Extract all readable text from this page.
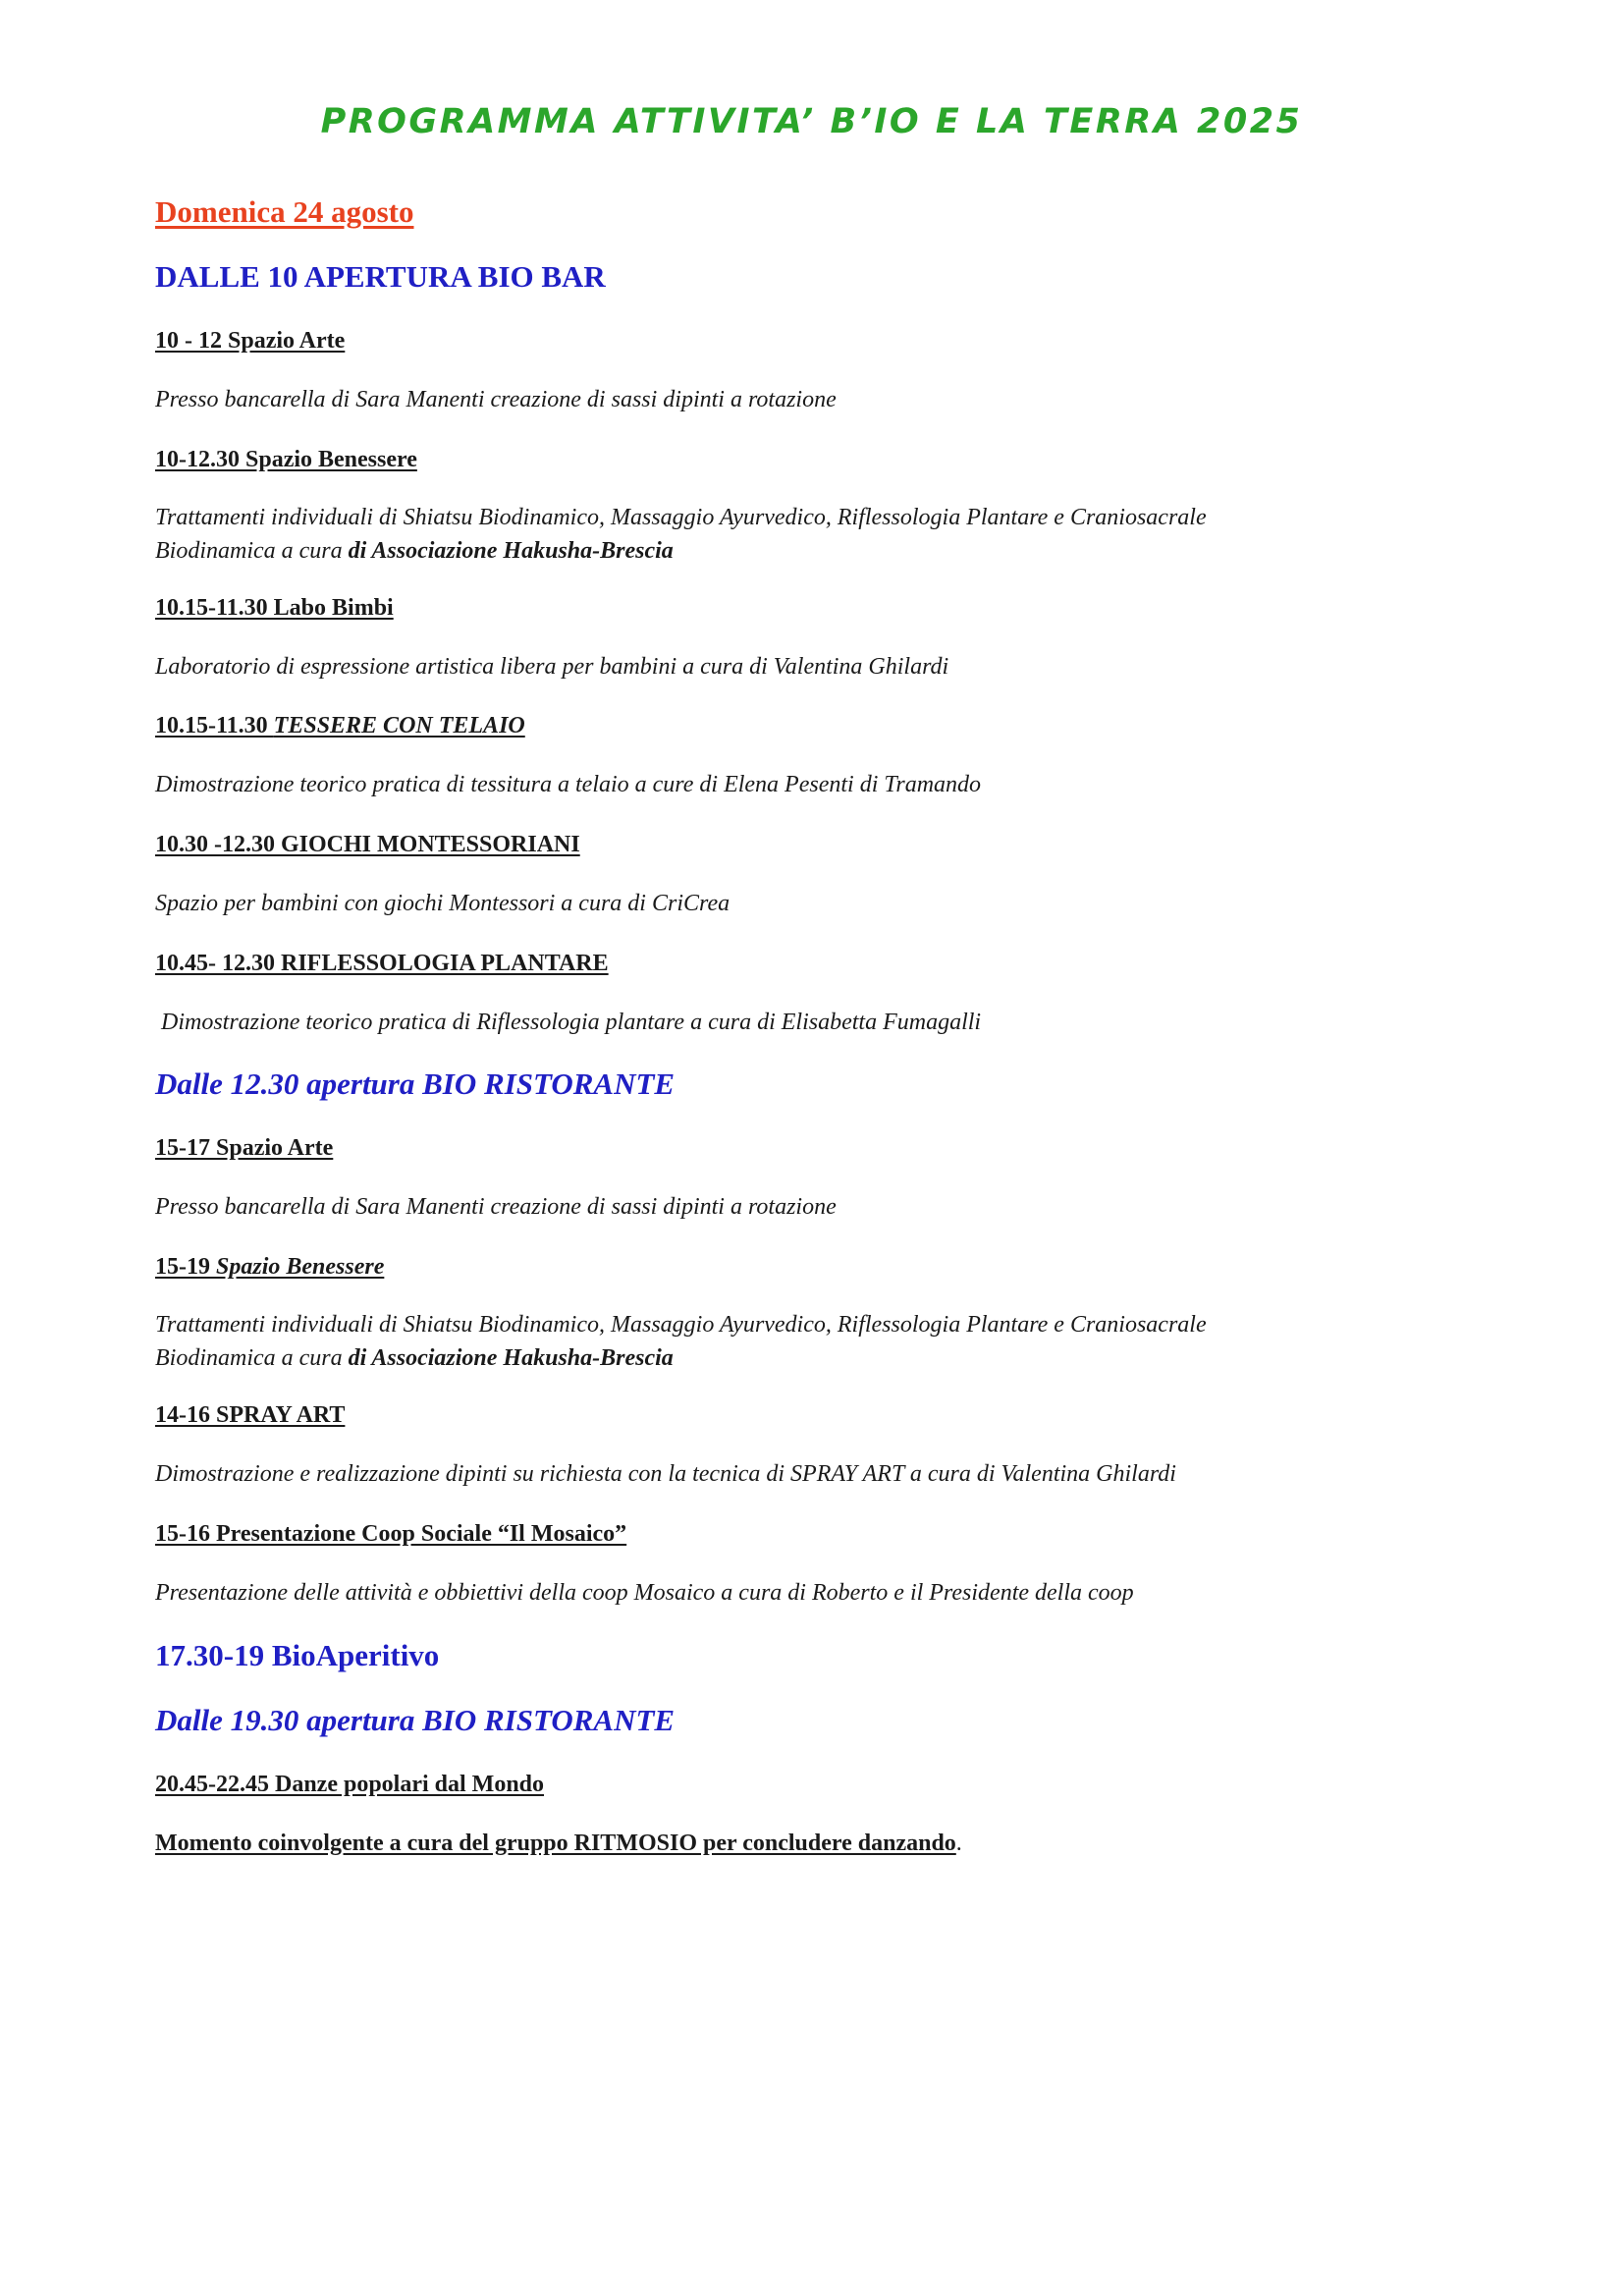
PROGRAMMA ATTIVITA’ B’IO E LA TERRA 2025
Domenica 24 agosto
DALLE 10 APERTURA BIO BAR
10 - 12 Spazio Arte
Presso bancarella di Sara Manenti creazione di sassi dipinti a rotazione
10-12.30 Spazio Benessere
Trattamenti individuali di Shiatsu Biodinamico, Massaggio Ayurvedico, Riflessologia Plantare e Craniosacrale
Biodinamica a cura di Associazione Hakusha-Brescia
10.15-11.30 Labo Bimbi
Laboratorio di espressione artistica libera per bambini a cura di Valentina Ghilardi
10.15-11.30 TESSERE CON TELAIO
Dimostrazione teorico pratica di tessitura a telaio a cure di Elena Pesenti di Tramando
10.30 -12.30 GIOCHI MONTESSORIANI
Spazio per bambini con giochi Montessori a cura di CriCrea
10.45- 12.30 RIFLESSOLOGIA PLANTARE
Dimostrazione teorico pratica di Riflessologia plantare a cura di Elisabetta Fumagalli
Dalle 12.30 apertura BIO RISTORANTE
15-17 Spazio Arte
Presso bancarella di Sara Manenti creazione di sassi dipinti a rotazione
15-19 Spazio Benessere
Trattamenti individuali di Shiatsu Biodinamico, Massaggio Ayurvedico, Riflessologia Plantare e Craniosacrale
Biodinamica a cura di Associazione Hakusha-Brescia
14-16 SPRAY ART
Dimostrazione e realizzazione dipinti su richiesta con la tecnica di SPRAY ART a cura di Valentina Ghilardi
15-16 Presentazione Coop Sociale “Il Mosaico”
Presentazione delle attività e obbiettivi della coop Mosaico a cura di Roberto e il Presidente della coop
17.30-19 BioAperitivo
Dalle 19.30 apertura BIO RISTORANTE
20.45-22.45 Danze popolari dal Mondo
Momento coinvolgente a cura del gruppo RITMOSIO per concludere danzando.
